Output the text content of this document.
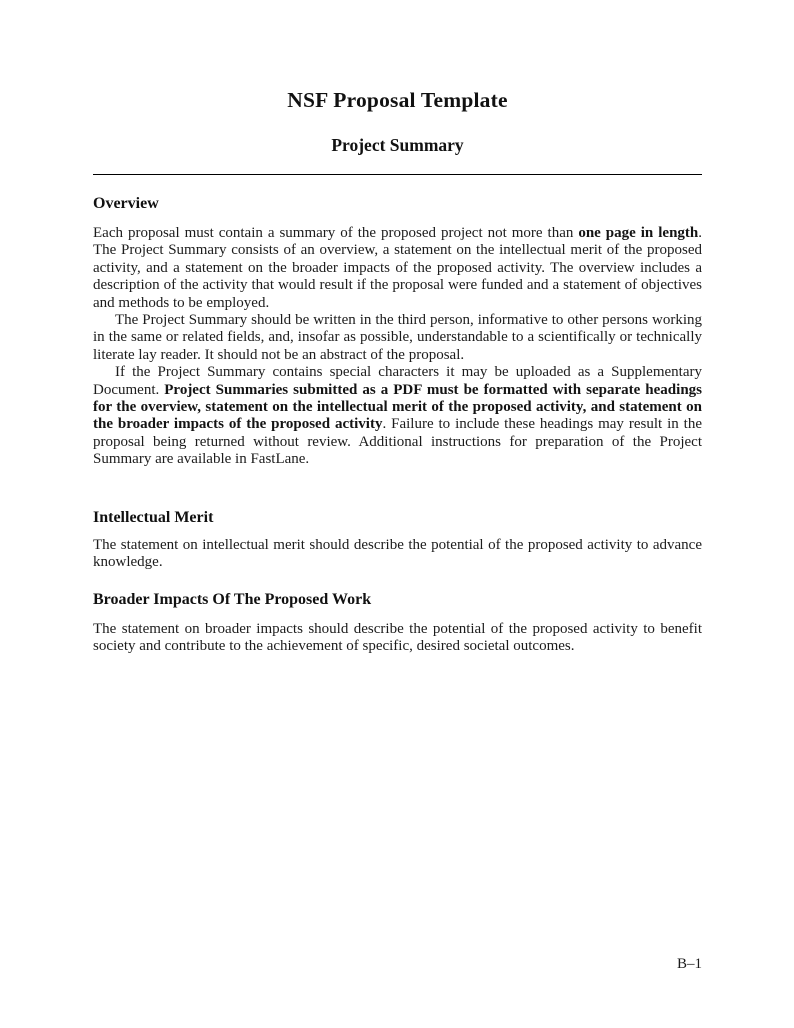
NSF Proposal Template
Project Summary
Overview

Each proposal must contain a summary of the proposed project not more than one page in length. The Project Summary consists of an overview, a statement on the intellectual merit of the proposed activity, and a statement on the broader impacts of the proposed activity. The overview includes a description of the activity that would result if the proposal were funded and a statement of objectives and methods to be employed.

The Project Summary should be written in the third person, informative to other persons working in the same or related fields, and, insofar as possible, understandable to a scientifically or technically literate lay reader. It should not be an abstract of the proposal.

If the Project Summary contains special characters it may be uploaded as a Supplementary Document. Project Summaries submitted as a PDF must be formatted with separate headings for the overview, statement on the intellectual merit of the proposed activity, and statement on the broader impacts of the proposed activity. Failure to include these headings may result in the proposal being returned without review. Additional instructions for preparation of the Project Summary are available in FastLane.

Intellectual Merit

The statement on intellectual merit should describe the potential of the proposed activity to advance knowledge.

Broader Impacts Of The Proposed Work

The statement on broader impacts should describe the potential of the proposed activity to benefit society and contribute to the achievement of specific, desired societal outcomes.

B–1
